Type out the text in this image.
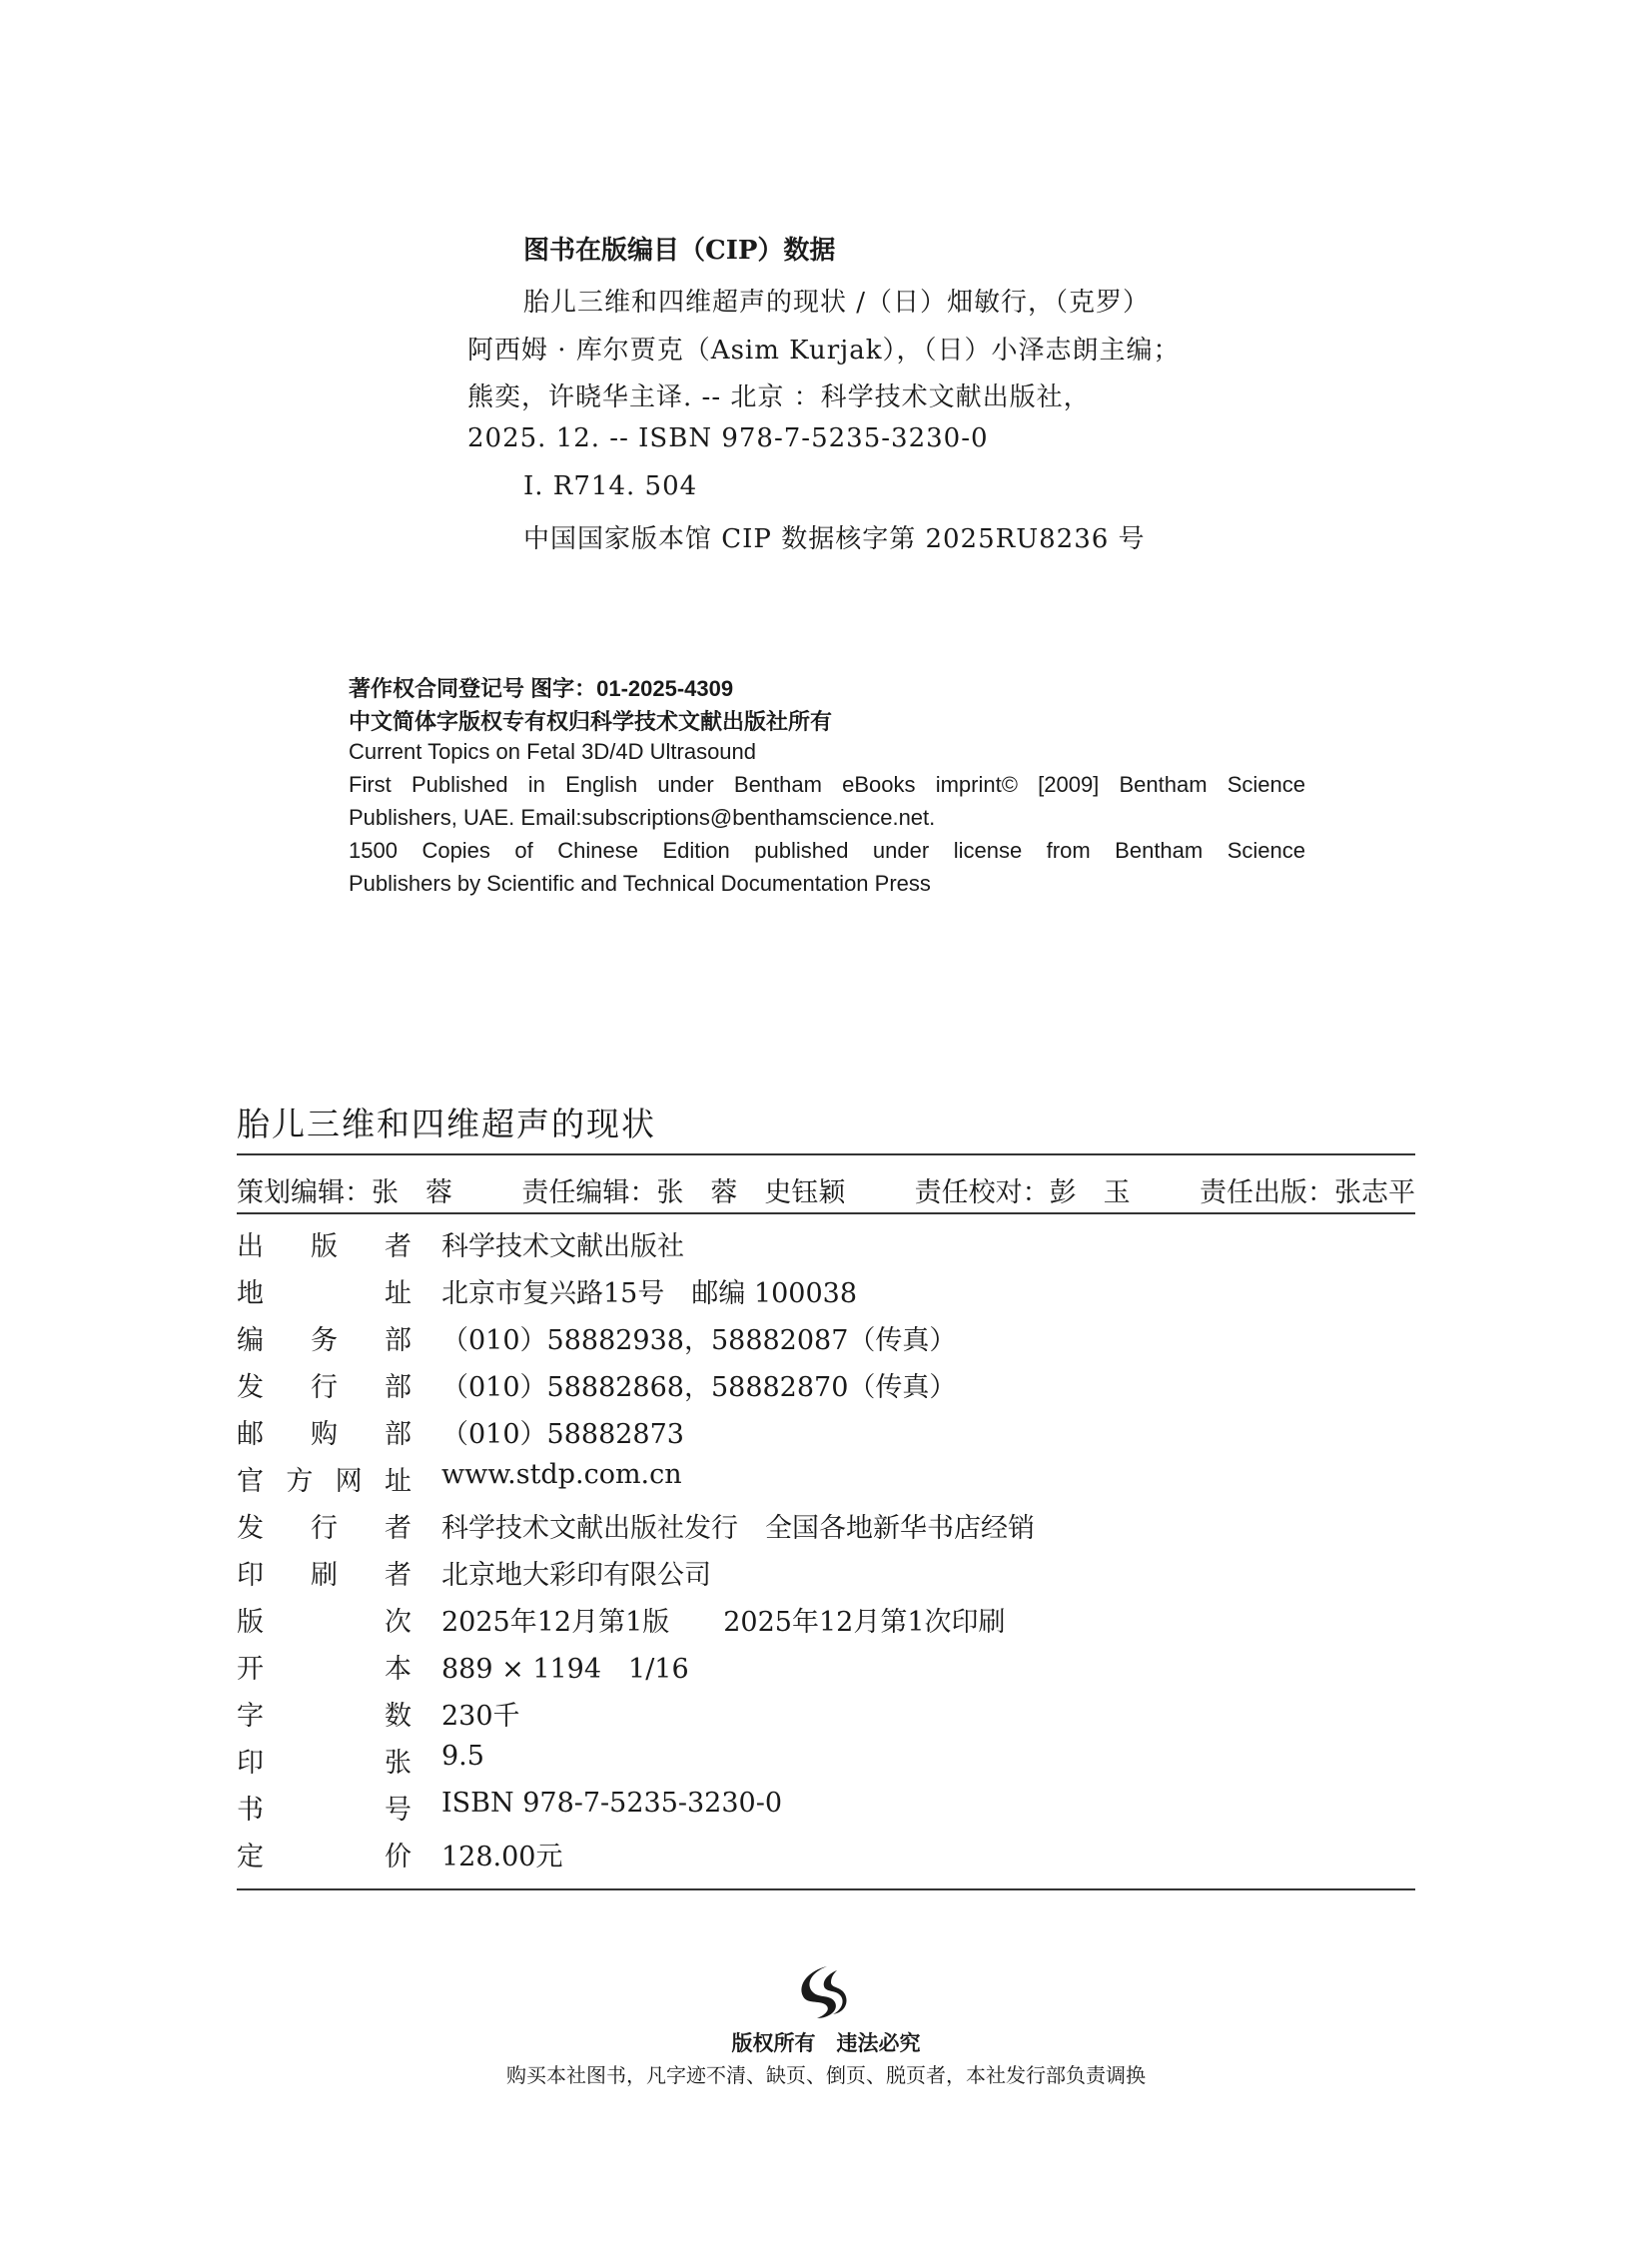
图书在版编目（CIP）数据
胎儿三维和四维超声的现状 /（日）畑敏行，（克罗）
阿西姆 · 库尔贾克（Asim Kurjak），（日）小泽志朗主编；
熊奕，许晓华主译. -- 北京 ：科学技术文献出版社，
2025. 12. -- ISBN 978-7-5235-3230-0
Ⅰ. R714. 504
中国国家版本馆 CIP 数据核字第 2025RU8236 号
著作权合同登记号 图字：01-2025-4309
中文简体字版权专有权归科学技术文献出版社所有
Current Topics on Fetal 3D/4D Ultrasound
First Published in English under Bentham eBooks imprint© [2009] Bentham Science
Publishers, UAE. Email:subscriptions@benthamscience.net.
1500 Copies of Chinese Edition published under license from Bentham Science
Publishers by Scientific and Technical Documentation Press
胎儿三维和四维超声的现状
策划编辑：张　蓉	责任编辑：张　蓉　史钰颖	责任校对：彭　玉	责任出版：张志平
出 版 者 科学技术文献出版社
地	址 北京市复兴路15号　邮编 100038
编 务 部 （010）58882938，58882087（传真）
发 行 部 （010）58882868，58882870（传真）
邮 购 部 （010）58882873
官 方 网 址 www.stdp.com.cn
发 行 者 科学技术文献出版社发行　全国各地新华书店经销
印 刷 者 北京地大彩印有限公司
版	次 2025年12月第1版　　2025年12月第1次印刷
开	本 889 × 1194　1/16
字	数 230千
印	张 9.5
书	号 ISBN 978-7-5235-3230-0
定	价 128.00元
版权所有　违法必究
购买本社图书，凡字迹不清、缺页、倒页、脱页者，本社发行部负责调换
